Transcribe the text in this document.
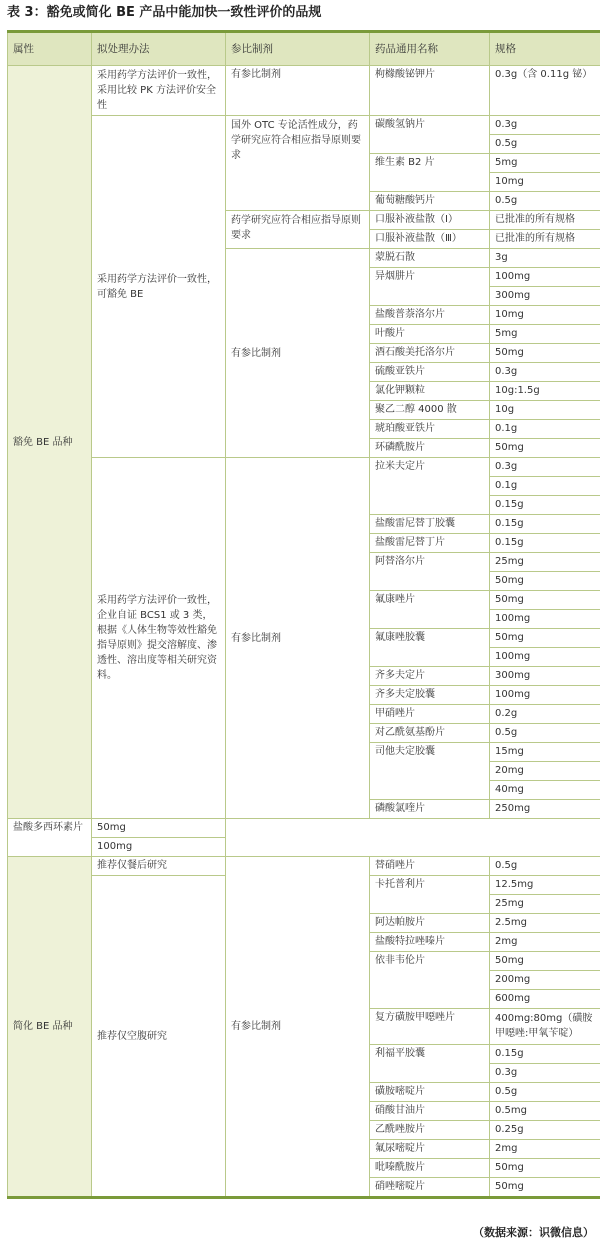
表 3：豁免或简化 BE 产品中能加快一致性评价的品规
属性	拟处理办法	参比制剂	药品通用名称	规格
豁免 BE 品种	采用药学方法评价一致性，采用比较 PK 方法评价安全性	有参比制剂	枸橼酸铋钾片	0.3g（含 0.11g 铋）

	采用药学方法评价一致性，可豁免 BE	国外 OTC 专论活性成分，药学研究应符合相应指导原则要求	碳酸氢钠片	0.3g
				0.5g
			维生素 B2 片	5mg
				10mg
			葡萄糖酸钙片	0.5g
		药学研究应符合相应指导原则要求	口服补液盐散（Ⅰ）	已批准的所有规格
			口服补液盐散（Ⅲ）	已批准的所有规格
		有参比制剂	蒙脱石散	3g
			异烟肼片	100mg
				300mg
			盐酸普萘洛尔片	10mg
			叶酸片	5mg
			酒石酸美托洛尔片	50mg
			硫酸亚铁片	0.3g
			氯化钾颗粒	10g:1.5g
			聚乙二醇 4000 散	10g
			琥珀酸亚铁片	0.1g
			环磷酰胺片	50mg

	采用药学方法评价一致性，企业自证 BCS1 或 3 类，根据《人体生物等效性豁免指导原则》提交溶解度、渗透性、溶出度等相关研究资料。	有参比制剂	拉米夫定片	0.3g
				0.1g
				0.15g
			盐酸雷尼替丁胶囊	0.15g
			盐酸雷尼替丁片	0.15g
			阿替洛尔片	25mg
				50mg
			氟康唑片	50mg
				100mg
			氟康唑胶囊	50mg
				100mg
			齐多夫定片	300mg
			齐多夫定胶囊	100mg
			甲硝唑片	0.2g
			对乙酰氨基酚片	0.5g
			司他夫定胶囊	15mg
				20mg
				40mg
			磷酸氯喹片	250mg
盐酸多西环素片	50mg			
	100mg			
简化 BE 品种	推荐仅餐后研究	有参比制剂	替硝唑片	0.5g
	推荐仅空腹研究		卡托普利片	12.5mg
				25mg
			阿达帕胺片	2.5mg
			盐酸特拉唑嗪片	2mg
			依非韦伦片	50mg
				200mg
				600mg
			复方磺胺甲噁唑片	400mg:80mg（磺胺甲噁唑:甲氧苄啶）
			利福平胶囊	0.15g
				0.3g
			磺胺嘧啶片	0.5g
			硝酸甘油片	0.5mg
			乙酰唑胺片	0.25g
			氟尿嘧啶片	2mg
			吡嗪酰胺片	50mg
			硝唑嘧啶片	50mg
（数据来源：识微信息）
